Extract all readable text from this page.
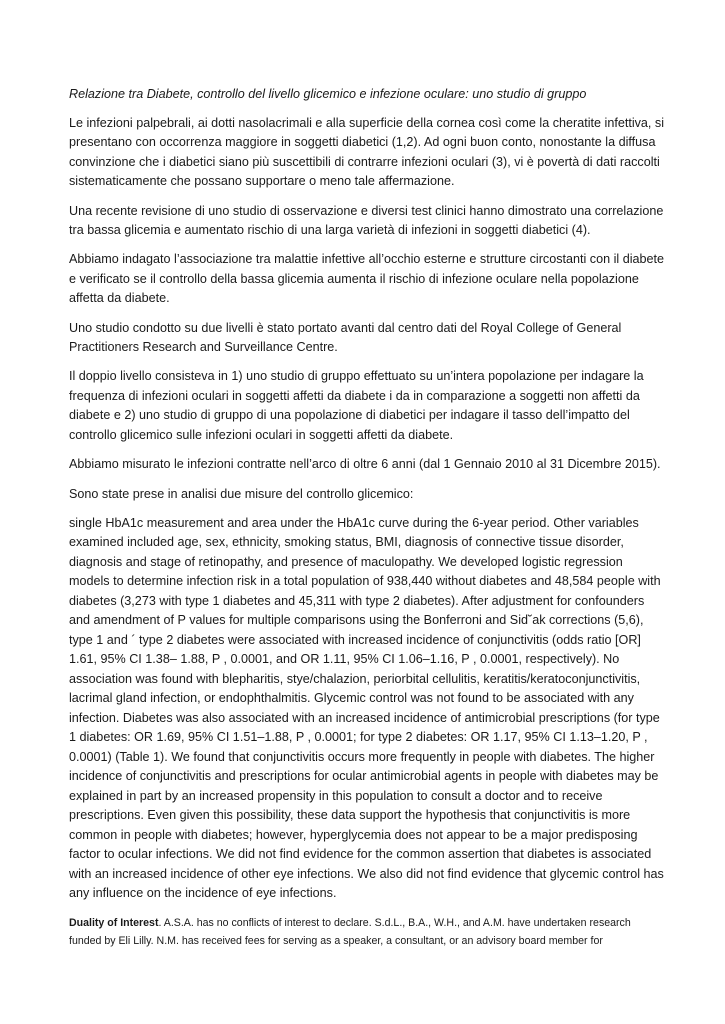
Relazione tra Diabete, controllo del livello glicemico e infezione oculare: uno studio di gruppo

Le infezioni palpebrali, ai dotti nasolacrimali e alla superficie della cornea così come la cheratite infettiva, si presentano con occorrenza maggiore in soggetti diabetici (1,2). Ad ogni buon conto, nonostante la diffusa convinzione che i diabetici siano più suscettibili di contrarre infezioni oculari (3), vi è povertà di dati raccolti sistematicamente che possano supportare o meno tale affermazione.

Una recente revisione di uno studio di osservazione e diversi test clinici hanno dimostrato una correlazione tra bassa glicemia e aumentato rischio di una larga varietà di infezioni in soggetti diabetici (4).

Abbiamo indagato l’associazione tra malattie infettive all’occhio esterne e strutture circostanti con il diabete e verificato se il controllo della bassa glicemia aumenta il rischio di infezione oculare nella popolazione affetta da diabete.

Uno studio condotto su due livelli è stato portato avanti dal centro dati del Royal College of General Practitioners Research and Surveillance Centre.

Il doppio livello consisteva in 1) uno studio di gruppo effettuato su un’intera popolazione per indagare la frequenza di infezioni oculari in soggetti affetti da diabete i da in comparazione a soggetti non affetti da diabete e 2) uno studio di gruppo di una popolazione di diabetici per indagare il tasso dell’impatto del controllo glicemico sulle infezioni oculari in soggetti affetti da diabete.

Abbiamo misurato le infezioni contratte nell’arco di oltre 6 anni (dal 1 Gennaio 2010 al 31 Dicembre 2015).

Sono state prese in analisi due misure del controllo glicemico:

single HbA1c measurement and area under the HbA1c curve during the 6-year period. Other variables examined included age, sex, ethnicity, smoking status, BMI, diagnosis of connective tissue disorder, diagnosis and stage of retinopathy, and presence of maculopathy. We developed logistic regression models to determine infection risk in a total population of 938,440 without diabetes and 48,584 people with diabetes (3,273 with type 1 diabetes and 45,311 with type 2 diabetes). After adjustment for confounders and amendment of P values for multiple comparisons using the Bonferroni and Sid˘ak corrections (5,6), type 1 and ´ type 2 diabetes were associated with increased incidence of conjunctivitis (odds ratio [OR] 1.61, 95% CI 1.38– 1.88, P , 0.0001, and OR 1.11, 95% CI 1.06–1.16, P , 0.0001, respectively). No association was found with blepharitis, stye/chalazion, periorbital cellulitis, keratitis/keratoconjunctivitis, lacrimal gland infection, or endophthalmitis. Glycemic control was not found to be associated with any infection. Diabetes was also associated with an increased incidence of antimicrobial prescriptions (for type 1 diabetes: OR 1.69, 95% CI 1.51–1.88, P , 0.0001; for type 2 diabetes: OR 1.17, 95% CI 1.13–1.20, P , 0.0001) (Table 1). We found that conjunctivitis occurs more frequently in people with diabetes. The higher incidence of conjunctivitis and prescriptions for ocular antimicrobial agents in people with diabetes may be explained in part by an increased propensity in this population to consult a doctor and to receive prescriptions. Even given this possibility, these data support the hypothesis that conjunctivitis is more common in people with diabetes; however, hyperglycemia does not appear to be a major predisposing factor to ocular infections. We did not find evidence for the common assertion that diabetes is associated with an increased incidence of other eye infections. We also did not find evidence that glycemic control has any influence on the incidence of eye infections.

Duality of Interest. A.S.A. has no conflicts of interest to declare. S.d.L., B.A., W.H., and A.M. have undertaken research funded by Eli Lilly. N.M. has received fees for serving as a speaker, a consultant, or an advisory board member for
